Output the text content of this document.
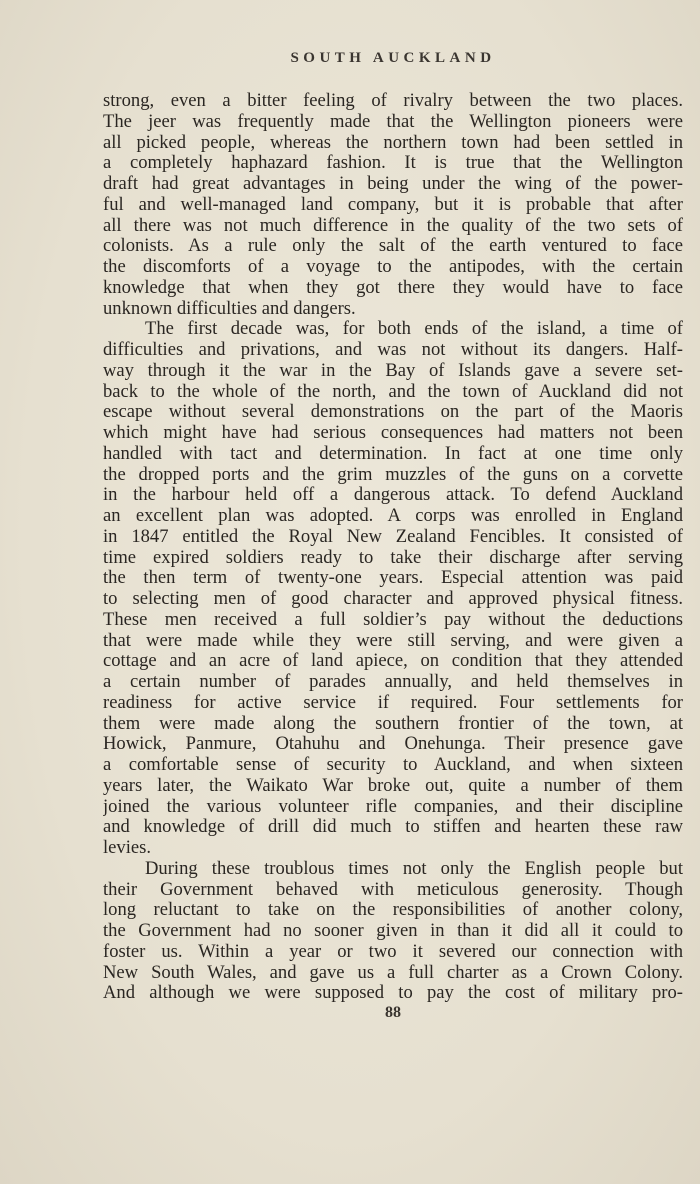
SOUTH AUCKLAND
strong, even a bitter feeling of rivalry between the two places.
The jeer was frequently made that the Wellington pioneers were
all picked people, whereas the northern town had been settled in
a completely haphazard fashion. It is true that the Wellington
draft had great advantages in being under the wing of the power-
ful and well-managed land company, but it is probable that after
all there was not much difference in the quality of the two sets of
colonists. As a rule only the salt of the earth ventured to face
the discomforts of a voyage to the antipodes, with the certain
knowledge that when they got there they would have to face
unknown difficulties and dangers.
The first decade was, for both ends of the island, a time of
difficulties and privations, and was not without its dangers. Half-
way through it the war in the Bay of Islands gave a severe set-
back to the whole of the north, and the town of Auckland did not
escape without several demonstrations on the part of the Maoris
which might have had serious consequences had matters not been
handled with tact and determination. In fact at one time only
the dropped ports and the grim muzzles of the guns on a corvette
in the harbour held off a dangerous attack. To defend Auckland
an excellent plan was adopted. A corps was enrolled in England
in 1847 entitled the Royal New Zealand Fencibles. It consisted of
time expired soldiers ready to take their discharge after serving
the then term of twenty-one years. Especial attention was paid
to selecting men of good character and approved physical fitness.
These men received a full soldier’s pay without the deductions
that were made while they were still serving, and were given a
cottage and an acre of land apiece, on condition that they attended
a certain number of parades annually, and held themselves in
readiness for active service if required. Four settlements for
them were made along the southern frontier of the town, at
Howick, Panmure, Otahuhu and Onehunga. Their presence gave
a comfortable sense of security to Auckland, and when sixteen
years later, the Waikato War broke out, quite a number of them
joined the various volunteer rifle companies, and their discipline
and knowledge of drill did much to stiffen and hearten these raw
levies.
During these troublous times not only the English people but
their Government behaved with meticulous generosity. Though
long reluctant to take on the responsibilities of another colony,
the Government had no sooner given in than it did all it could to
foster us. Within a year or two it severed our connection with
New South Wales, and gave us a full charter as a Crown Colony.
And although we were supposed to pay the cost of military pro-
88
